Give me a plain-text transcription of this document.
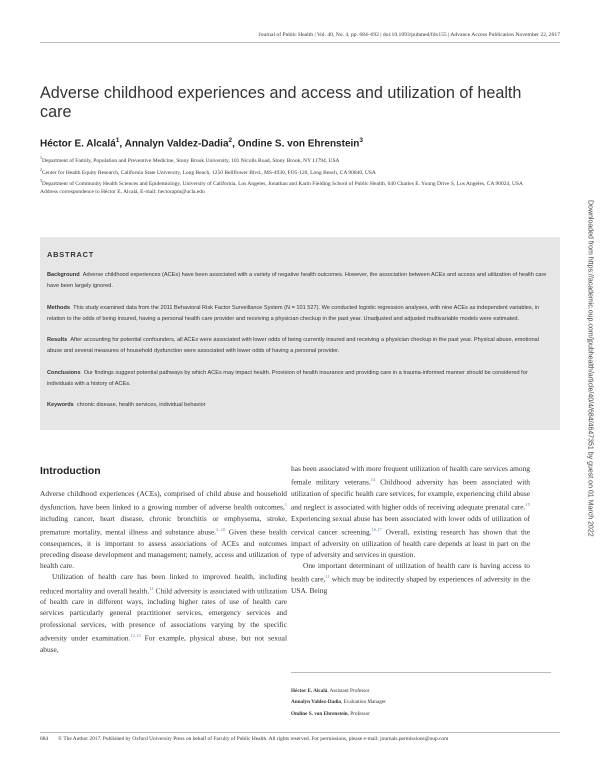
Journal of Public Health | Vol. 40, No. 4, pp. 684–692 | doi:10.1093/pubmed/fdx155 | Advance Access Publication November 22, 2017
Adverse childhood experiences and access and utilization of health care
Héctor E. Alcalá$^1$, Annalyn Valdez-Dadia$^2$, Ondine S. von Ehrenstein$^3$

$^1$Department of Family, Population and Preventive Medicine, Stony Brook University, 101 Nicolls Road, Stony Brook, NY 11794, USA

$^2$Center for Health Equity Research, California State University, Long Beach, 1250 Bellflower Blvd., MS-4930, FO5-120, Long Beach, CA 90840, USA

$^3$Department of Community Health Sciences and Epidemiology, University of California, Los Angeles, Jonathan and Karin Fielding School of Public Health, 640 Charles E. Young Drive S, Los Angeles, CA 90024, USA

Address correspondence to Héctor E. Alcalá, E-mail: hectorapm@ucla.edu

Downloaded from https://academic.oup.com/jpubhealth/article/40/4/684/4647351 by guest on 01 March 2022
ABSTRACT

Background Adverse childhood experiences (ACEs) have been associated with a variety of negative health outcomes. However, the association between ACEs and access and utilization of health care have been largely ignored.

Methods This study examined data from the 2011 Behavioral Risk Factor Surveillance System (N = 101 527). We conducted logistic regression analyses, with nine ACEs as independent variables, in relation to the odds of being insured, having a personal health care provider and receiving a physician checkup in the past year. Unadjusted and adjusted multivariable models were estimated.

Results After accounting for potential confounders, all ACEs were associated with lower odds of being currently insured and receiving a physician checkup in the past year. Physical abuse, emotional abuse and several measures of household dysfunction were associated with lower odds of having a personal provider.

Conclusions Our findings suggest potential pathways by which ACEs may impact health. Provision of health insurance and providing care in a trauma-informed manner should be considered for individuals with a history of ACEs.

Keywords chronic disease, health services, individual behavior

Introduction

Adverse childhood experiences (ACEs), comprised of child abuse and household dysfunction, have been linked to a growing number of adverse health outcomes,$^1$ including cancer, heart disease, chronic bronchitis or emphysema, stroke, premature mortality, mental illness and substance abuse.$^{2-10}$ Given these health consequences, it is important to assess associations of ACEs and outcomes preceding disease development and management; namely, access and utilization of health care.

Utilization of health care has been linked to improved health, including reduced mortality and overall health.$^{11}$ Child adversity is associated with utilization of health care in different ways, including higher rates of use of health care services particularly general practitioner services, emergency services and professional services, with presence of associations varying by the specific adversity under examination.$^{12,13}$ For example, physical abuse, but not sexual abuse,

has been associated with more frequent utilization of health care services among female military veterans.$^{14}$ Childhood adversity has been associated with utilization of specific health care services, for example, experiencing child abuse and neglect is associated with higher odds of receiving adequate prenatal care.$^{15}$ Experiencing sexual abuse has been associated with lower odds of utilization of cervical cancer screening.$^{16,17}$ Overall, existing research has shown that the impact of adversity on utilization of health care depends at least in part on the type of adversity and services in question.

One important determinant of utilization of health care is having access to health care,$^{11}$ which may be indirectly shaped by experiences of adversity in the USA. Being

Héctor E. Alcalá, Assistant Professor

Annalyn Valdez-Dadia, Evaluation Manager

Ondine S. von Ehrenstein, Professor

684 © The Author 2017. Published by Oxford University Press on behalf of Faculty of Public Health. All rights reserved. For permissions, please e-mail: journals.permissions@oup.com
